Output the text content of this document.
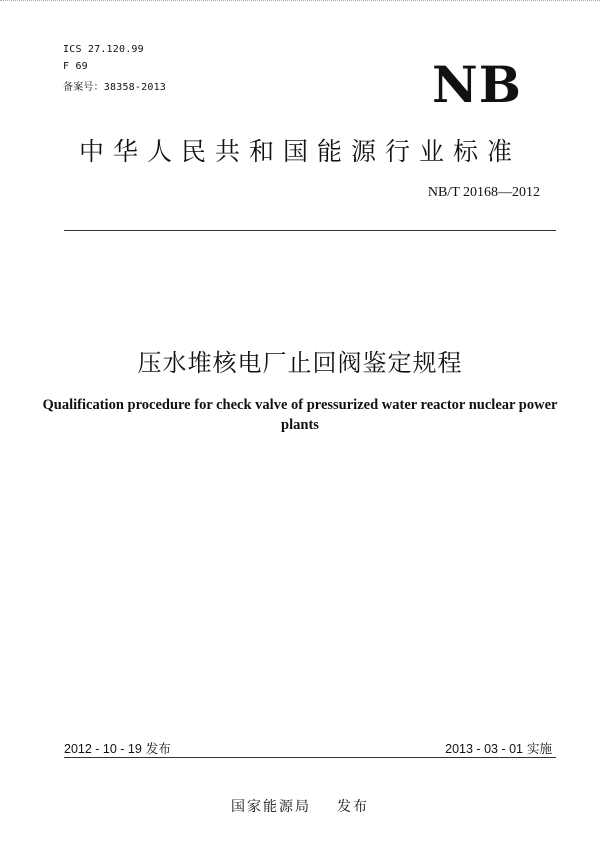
ICS 27.120.99
F 69
备案号：38358-2013	NB
中华人民共和国能源行业标准
NB/T 20168—2012
压水堆核电厂止回阀鉴定规程
Qualification procedure for check valve of pressurized water reactor nuclear power plants
2012 - 10 - 19 发布	2013 - 03 - 01 实施
国家能源局 发布
